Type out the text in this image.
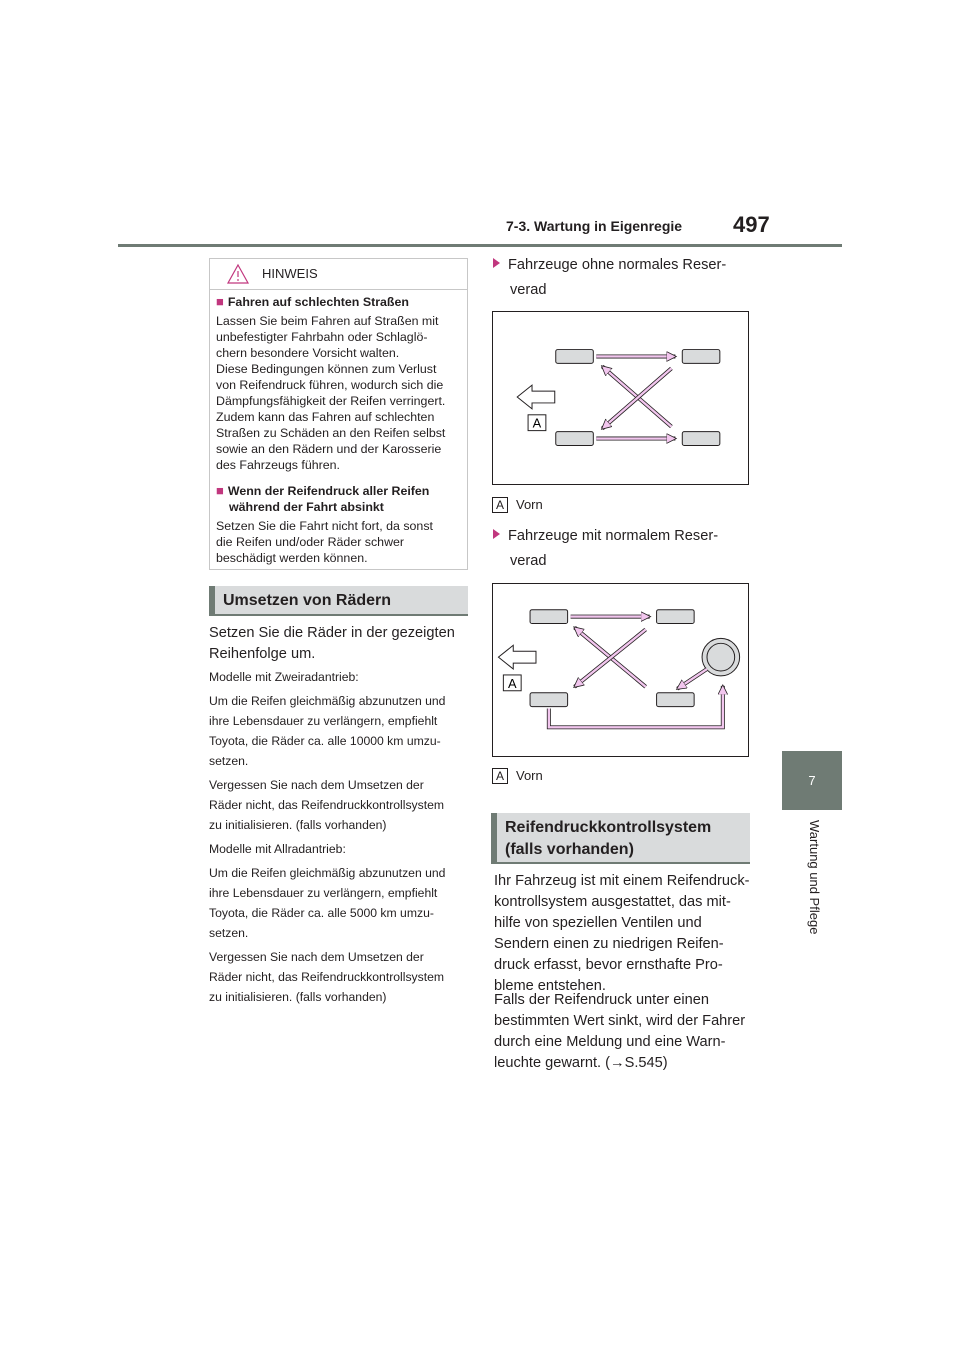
7-3. Wartung in Eigenregie 497
7
Wartung und Pflege
HINWEIS
■ Fahren auf schlechten Straßen
Lassen Sie beim Fahren auf Straßen mit
unbefestigter Fahrbahn oder Schlaglö-
chern besondere Vorsicht walten.
Diese Bedingungen können zum Verlust
von Reifendruck führen, wodurch sich die
Dämpfungsfähigkeit der Reifen verringert.
Zudem kann das Fahren auf schlechten
Straßen zu Schäden an den Reifen selbst
sowie an den Rädern und der Karosserie
des Fahrzeugs führen.
■ Wenn der Reifendruck aller Reifen
während der Fahrt absinkt
Setzen Sie die Fahrt nicht fort, da sonst
die Reifen und/oder Räder schwer
beschädigt werden können.
Umsetzen von Rädern
Setzen Sie die Räder in der gezeigten
Reihenfolge um.
Modelle mit Zweiradantrieb:
Um die Reifen gleichmäßig abzunutzen und
ihre Lebensdauer zu verlängern, empfiehlt
Toyota, die Räder ca. alle 10000 km umzu-
setzen.
Vergessen Sie nach dem Umsetzen der
Räder nicht, das Reifendruckkontrollsystem
zu initialisieren. (falls vorhanden)
Modelle mit Allradantrieb:
Um die Reifen gleichmäßig abzunutzen und
ihre Lebensdauer zu verlängern, empfiehlt
Toyota, die Räder ca. alle 5000 km umzu-
setzen.
Vergessen Sie nach dem Umsetzen der
Räder nicht, das Reifendruckkontrollsystem
zu initialisieren. (falls vorhanden)
Fahrzeuge ohne normales Reser-
verad
A
A Vorn
Fahrzeuge mit normalem Reser-
verad
A
A Vorn
Reifendruckkontrollsystem
(falls vorhanden)
Ihr Fahrzeug ist mit einem Reifendruck-
kontrollsystem ausgestattet, das mit-
hilfe von speziellen Ventilen und
Sendern einen zu niedrigen Reifen-
druck erfasst, bevor ernsthafte Pro-
bleme entstehen.
Falls der Reifendruck unter einen
bestimmten Wert sinkt, wird der Fahrer
durch eine Meldung und eine Warn-
leuchte gewarnt. (→S.545)
